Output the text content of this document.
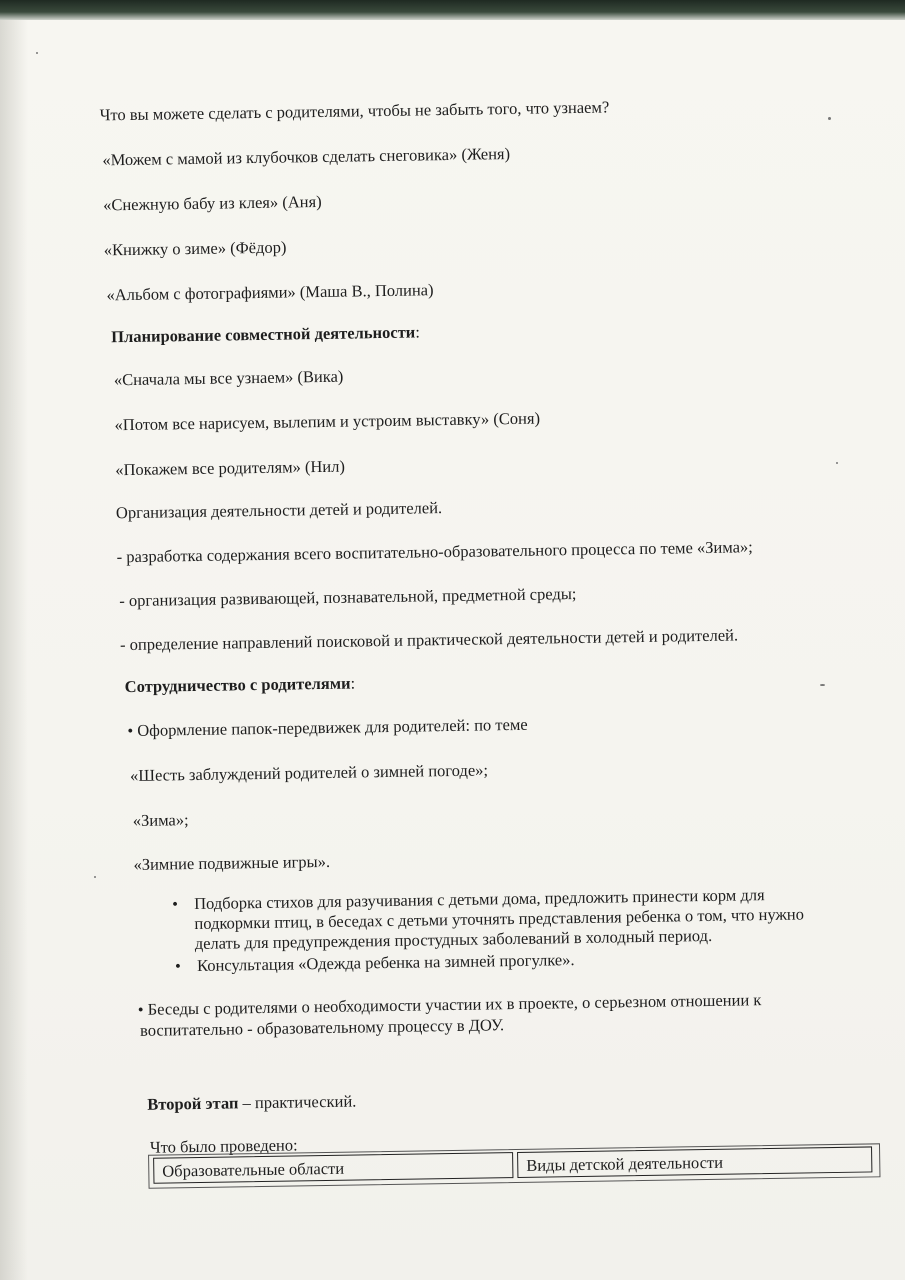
Что вы можете сделать с родителями, чтобы не забыть того, что узнаем?
«Можем с мамой из клубочков сделать снеговика» (Женя)
«Снежную бабу из клея» (Аня)
«Книжку о зиме» (Фёдор)
«Альбом с фотографиями» (Маша В., Полина)
Планирование совместной деятельности:
«Сначала мы все узнаем» (Вика)
«Потом все нарисуем, вылепим и устроим выставку» (Соня)
«Покажем все родителям» (Нил)
Организация деятельности детей и родителей.
- разработка содержания всего воспитательно-образовательного процесса по теме «Зима»;
- организация развивающей, познавательной, предметной среды;
- определение направлений поисковой и практической деятельности детей и родителей.
Сотрудничество с родителями:
• Оформление папок-передвижек для родителей: по теме
«Шесть заблуждений родителей о зимней погоде»;
«Зима»;
«Зимние подвижные игры».
• Подборка стихов для разучивания с детьми дома, предложить принести корм для подкормки птиц, в беседах с детьми уточнять представления ребенка о том, что нужно делать для предупреждения простудных заболеваний в холодный период.
• Консультация «Одежда ребенка на зимней прогулке».
• Беседы с родителями о необходимости участии их в проекте, о серьезном отношении к
воспитательно - образовательному процессу в ДОУ.
Второй этап – практический.
Что было проведено:
Образовательные области	Виды детской деятельности
